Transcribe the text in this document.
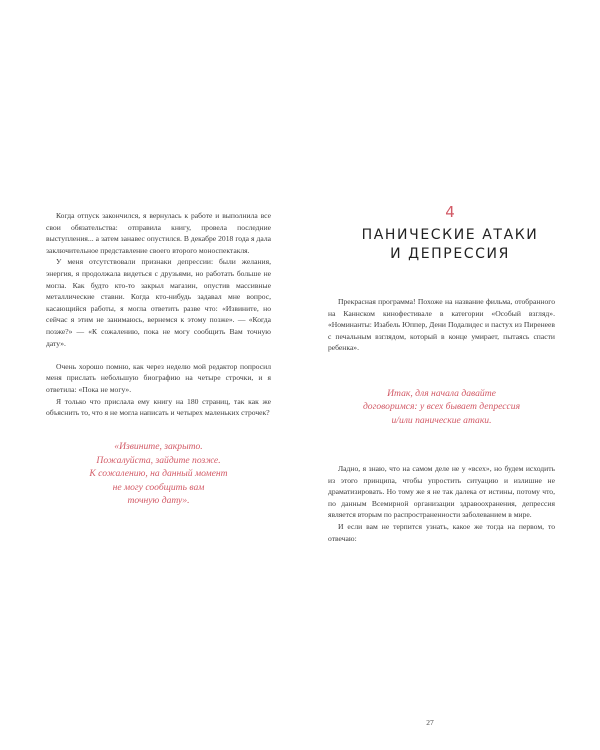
Когда отпуск закончился, я вернулась к работе и выполнила все свои обязательства: отправила книгу, провела последние выступления... а затем занавес опустился. В декабре 2018 года я дала заключительное представление своего второго моноспектакля.

У меня отсутствовали признаки депрессии: были желания, энергия, я продолжала видеться с друзьями, но работать больше не могла. Как будто кто-то закрыл магазин, опустив массивные металлические ставни. Когда кто-нибудь задавал мне вопрос, касающийся работы, я могла ответить разве что: «Извините, но сейчас я этим не занимаюсь, вернемся к этому позже». — «Когда позже?» — «К сожалению, пока не могу сообщить Вам точную дату».

Очень хорошо помню, как через неделю мой редактор попросил меня прислать небольшую биографию на четыре строчки, и я ответила: «Пока не могу».

Я только что прислала ему книгу на 180 страниц, так как же объяснить то, что я не могла написать и четырех маленьких строчек?

«Извините, закрыто.
Пожалуйста, зайдите позже.
К сожалению, на данный момент
не могу сообщить вам
точную дату».
4
ПАНИЧЕСКИЕ АТАКИ
И ДЕПРЕССИЯ

Прекрасная программа! Похоже на название фильма, отобранного на Каннском кинофестивале в категории «Особый взгляд». «Номинанты: Изабель Юппер, Дени Подалидес и пастух из Пиренеев с печальным взглядом, который в конце умирает, пытаясь спасти ребенка».

Итак, для начала давайте
договоримся: у всех бывает депрессия
и/или панические атаки.

Ладно, я знаю, что на самом деле не у «всех», но будем исходить из этого принципа, чтобы упростить ситуацию и излишне не драматизировать. Но тому же я не так далека от истины, потому что, по данным Всемирной организации здравоохранения, депрессия является вторым по распространенности заболеванием в мире.

И если вам не терпится узнать, какое же тогда на первом, то отвечаю:

27
